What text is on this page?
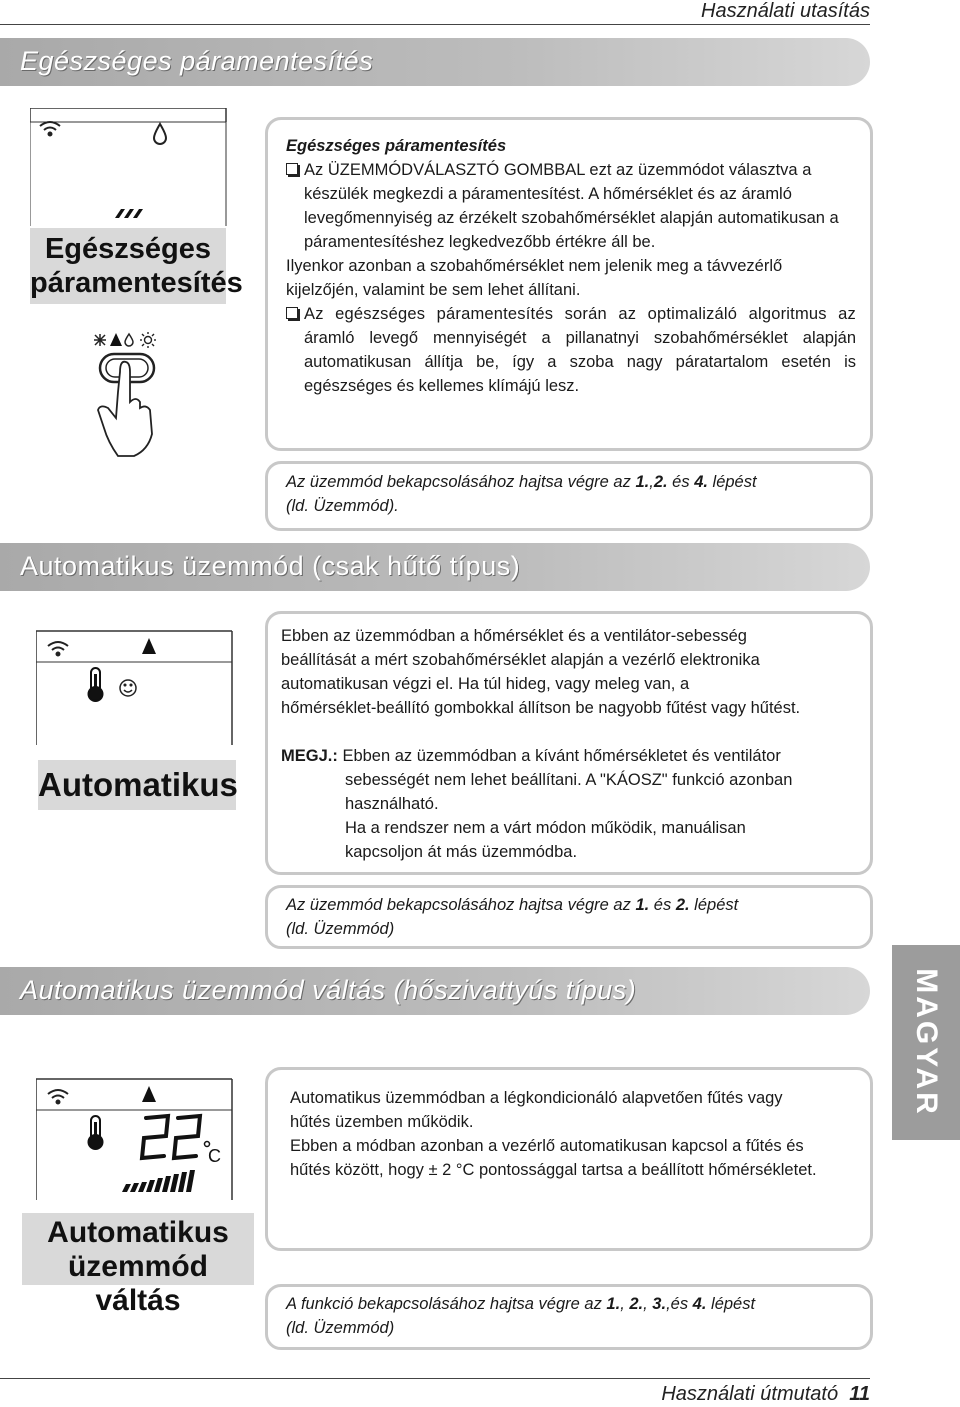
Használati utasítás
Egészséges páramentesítés
Egészséges
páramentesítés

Egészséges páramentesítés

Az ÜZEMMÓDVÁLASZTÓ GOMBBAL ezt az üzemmódot választva a

készülék megkezdi a páramentesítést. A hőmérséklet és az áramló

levegőmennyiség az érzékelt szobahőmérséklet alapján automatikusan a

páramentesítéshez legkedvezőbb értékre áll be.

Ilyenkor azonban a szobahőmérséklet nem jelenik meg a távvezérlő

kijelzőjén, valamint be sem lehet állítani.

Az egészséges páramentesítés során az optimalizáló algoritmus az

áramló levegő mennyiségét a pillanatnyi szobahőmérséklet alapján

automatikusan állítja be, így a szoba nagy páratartalom esetén is

egészséges és kellemes klímájú lesz.

Az üzemmód bekapcsolásához hajtsa végre az 1.,2. és 4. lépést

(ld. Üzemmód).

Automatikus üzemmód (csak hűtő típus)
Automatikus

Ebben az üzemmódban a hőmérséklet és a ventilátor-sebesség

beállítását a mért szobahőmérséklet alapján a vezérlő elektronika

automatikusan végzi el. Ha túl hideg, vagy meleg van, a

hőmérséklet-beállító gombokkal állítson be nagyobb fűtést vagy hűtést.

MEGJ.: Ebben az üzemmódban a kívánt hőmérsékletet és ventilátor

sebességét nem lehet beállítani. A "KÁOSZ" funkció azonban

használható.

Ha a rendszer nem a várt módon működik, manuálisan

kapcsoljon át más üzemmódba.

Az üzemmód bekapcsolásához hajtsa végre az 1. és 2. lépést

(ld. Üzemmód)

Automatikus üzemmód váltás (hőszivattyús típus)
C
Automatikus
üzemmód váltás

Automatikus üzemmódban a légkondicionáló alapvetően fűtés vagy

hűtés üzemben működik.

Ebben a módban azonban a vezérlő automatikusan kapcsol a fűtés és

hűtés között, hogy ± 2 °C pontossággal tartsa a beállított hőmérsékletet.

A funkció bekapcsolásához hajtsa végre az 1., 2., 3.,és 4. lépést

(ld. Üzemmód)

MAGYAR
Használati útmutató 11
